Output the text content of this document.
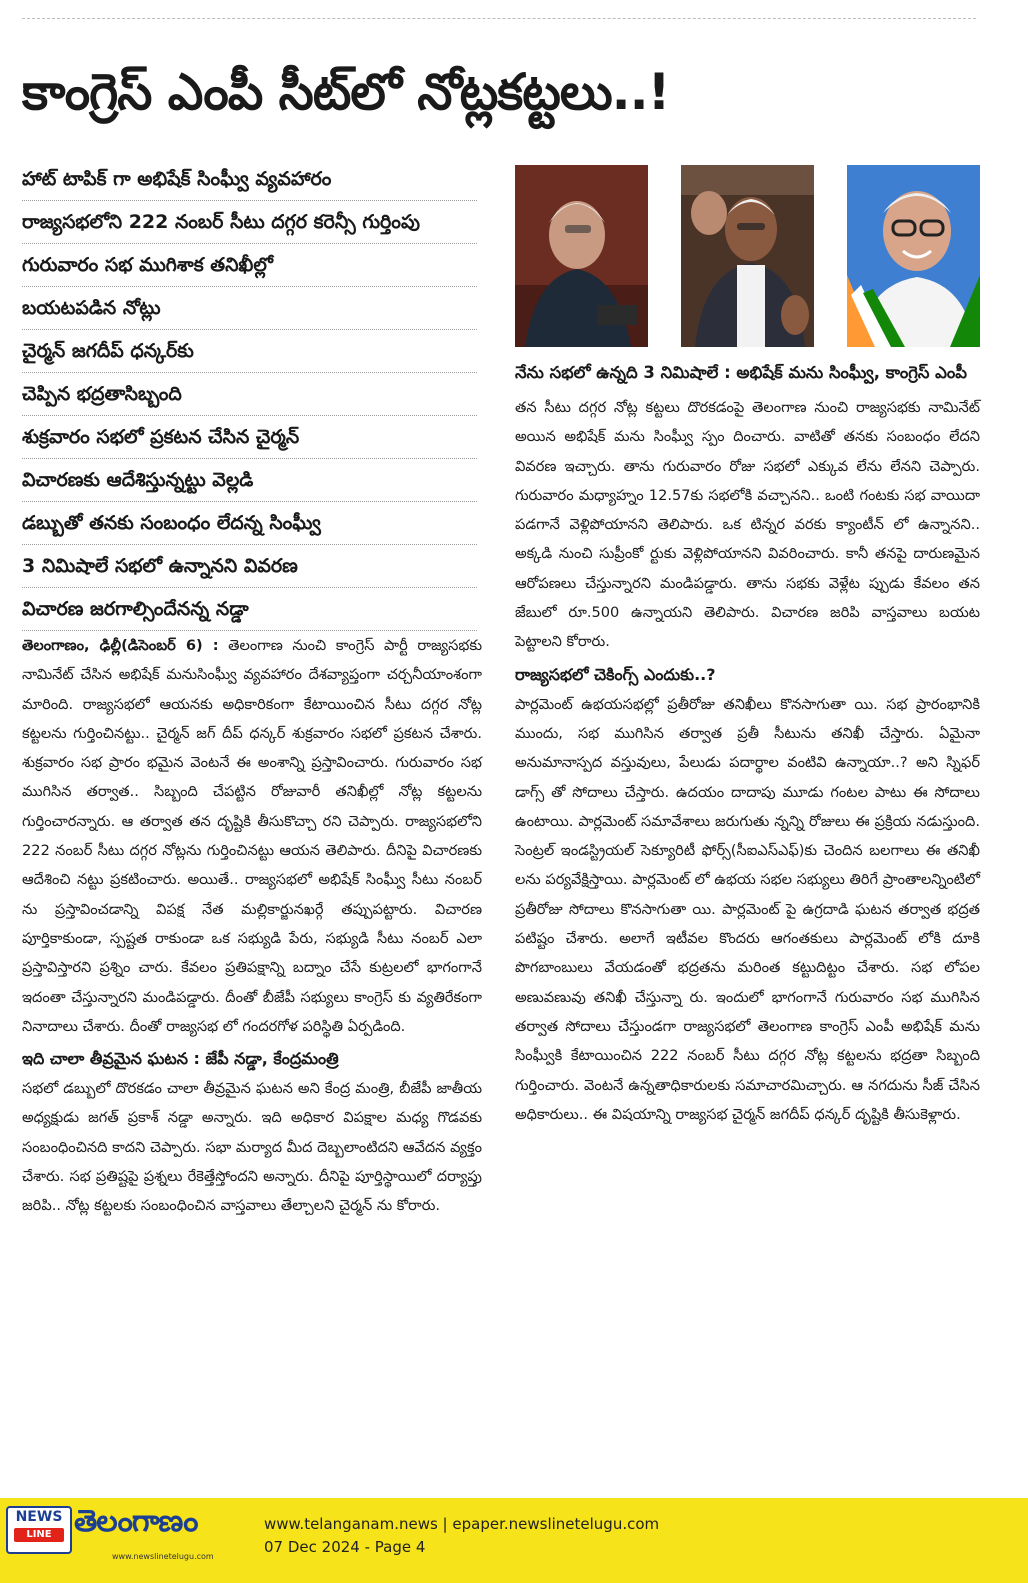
కాంగ్రెస్ ఎంపీ సీట్‌లో నోట్లకట్టలు..!
హాట్ టాపిక్ గా అభిషేక్ సింఘ్వీ వ్యవహారం
రాజ్యసభలోని 222 నంబర్ సీటు దగ్గర కరెన్సీ గుర్తింపు
గురువారం సభ ముగిశాక తనిఖీల్లో
బయటపడిన నోట్లు
చైర్మన్ జగదీప్ ధన్కర్‌కు
చెప్పిన భద్రతాసిబ్బంది
శుక్రవారం సభలో ప్రకటన చేసిన చైర్మన్
విచారణకు ఆదేశిస్తున్నట్టు వెల్లడి
డబ్బుతో తనకు సంబంధం లేదన్న సింఘ్వీ
3 నిమిషాలే సభలో ఉన్నానని వివరణ
విచారణ జరగాల్సిందేనన్న నడ్డా

తెలంగాణం, ఢిల్లీ(డిసెంబర్ 6) : తెలంగాణ నుంచి కాంగ్రెస్ పార్టీ రాజ్యసభకు నామినేట్ చేసిన అభిషేక్ మనుసింఘ్వీ వ్యవహారం దేశవ్యాప్తంగా చర్చనీయాంశంగా మారింది. రాజ్యసభలో ఆయనకు అధికారికంగా కేటాయించిన సీటు దగ్గర నోట్ల కట్టలను గుర్తించినట్టు.. చైర్మన్ జగ్ దీప్ ధన్కర్ శుక్రవారం సభలో ప్రకటన చేశారు. శుక్రవారం సభ ప్రారం భమైన వెంటనే ఈ అంశాన్ని ప్రస్తావించారు. గురువారం సభ ముగిసిన తర్వాత.. సిబ్బంది చేపట్టిన రోజువారీ తనిఖీల్లో నోట్ల కట్టలను గుర్తించారన్నారు. ఆ తర్వాత తన దృష్టికి తీసుకొచ్చా రని చెప్పారు. రాజ్యసభలోని 222 నంబర్ సీటు దగ్గర నోట్లను గుర్తించినట్టు ఆయన తెలిపారు. దీనిపై విచారణకు ఆదేశించి నట్టు ప్రకటించారు. అయితే.. రాజ్యసభలో అభిషేక్ సింఘ్వీ సీటు నంబర్ ను ప్రస్తావించడాన్ని విపక్ష నేత మల్లికార్జునఖర్గే తప్పుపట్టారు. విచారణ పూర్తికాకుండా, స్పష్టత రాకుండా ఒక సభ్యుడి పేరు, సభ్యుడి సీటు నంబర్ ఎలా ప్రస్తావిస్తారని ప్రశ్నిం చారు. కేవలం ప్రతిపక్షాన్ని బద్నాం చేసే కుట్రలలో భాగంగానే ఇదంతా చేస్తున్నారని మండిపడ్డారు. దీంతో బీజేపీ సభ్యులు కాంగ్రెస్ కు వ్యతిరేకంగా నినాదాలు చేశారు. దీంతో రాజ్యసభ లో గందరగోళ పరిస్థితి ఏర్పడింది.

ఇది చాలా తీవ్రమైన ఘటన : జేపీ నడ్డా, కేంద్రమంత్రి

సభలో డబ్బులో దొరకడం చాలా తీవ్రమైన ఘటన అని కేంద్ర మంత్రి, బీజేపీ జాతీయ అధ్యక్షుడు జగత్ ప్రకాశ్ నడ్డా అన్నారు. ఇది అధికార విపక్షాల మధ్య గొడవకు సంబంధించినది కాదని చెప్పారు. సభా మర్యాద మీద దెబ్బలాంటిదని ఆవేదన వ్యక్తం చేశారు. సభ ప్రతిష్టపై ప్రశ్నలు రేకెత్తేస్తోందని అన్నారు. దీనిపై పూర్తిస్థాయిలో దర్యాప్తు జరిపి.. నోట్ల కట్టలకు సంబంధించిన వాస్తవాలు తేల్చాలని చైర్మన్ ను కోరారు.

నేను సభలో ఉన్నది 3 నిమిషాలే : అభిషేక్ మను సింఘ్వీ, కాంగ్రెస్ ఎంపీ

తన సీటు దగ్గర నోట్ల కట్టలు దొరకడంపై తెలంగాణ నుంచి రాజ్యసభకు నామినేట్ అయిన అభిషేక్ మను సింఘ్వీ స్పం దించారు. వాటితో తనకు సంబంధం లేదని వివరణ ఇచ్చారు. తాను గురువారం రోజు సభలో ఎక్కువ లేను లేనని చెప్పారు. గురువారం మధ్యాహ్నం 12.57కు సభలోకి వచ్చానని.. ఒంటి గంటకు సభ వాయిదా పడగానే వెళ్లిపోయానని తెలిపారు. ఒక టిన్నర వరకు క్యాంటీన్ లో ఉన్నానని.. అక్కడి నుంచి సుప్రీంకో ర్టుకు వెళ్లిపోయానని వివరించారు. కానీ తనపై దారుణమైన ఆరోపణలు చేస్తున్నారని మండిపడ్డారు. తాను సభకు వెళ్లేట ప్పుడు కేవలం తన జేబులో రూ.500 ఉన్నాయని తెలిపారు. విచారణ జరిపి వాస్తవాలు బయట పెట్టాలని కోరారు.

రాజ్యసభలో చెకింగ్స్ ఎందుకు..?

పార్లమెంట్ ఉభయసభల్లో ప్రతీరోజు తనిఖీలు కొనసాగుతా యి. సభ ప్రారంభానికి ముందు, సభ ముగిసిన తర్వాత ప్రతీ సీటును తనిఖీ చేస్తారు. ఏమైనా అనుమానాస్పద వస్తువులు, పేలుడు పదార్థాల వంటివి ఉన్నాయా..? అని స్నిఫర్ డాగ్స్ తో సోదాలు చేస్తారు. ఉదయం దాదాపు మూడు గంటల పాటు ఈ సోదాలు ఉంటాయి. పార్లమెంట్ సమావేశాలు జరుగుతు న్నన్ని రోజులు ఈ ప్రక్రియ నడుస్తుంది. సెంట్రల్ ఇండస్ట్రియల్ సెక్యూరిటీ ఫోర్స్(సీఐఎస్ఎఫ్)కు చెందిన బలగాలు ఈ తనిఖీ లను పర్యవేక్షిస్తాయి. పార్లమెంట్ లో ఉభయ సభల సభ్యులు తిరిగే ప్రాంతాలన్నింటిలో ప్రతీరోజు సోదాలు కొనసాగుతా యి. పార్లమెంట్ పై ఉగ్రదాడి ఘటన తర్వాత భద్రత పటిష్టం చేశారు. అలాగే ఇటీవల కొందరు ఆగంతకులు పార్లమెంట్ లోకి దూకి పొగబాంబులు వేయడంతో భద్రతను మరింత కట్టుదిట్టం చేశారు. సభ లోపల అణువణువు తనిఖీ చేస్తున్నా రు. ఇందులో భాగంగానే గురువారం సభ ముగిసిన తర్వాత సోదాలు చేస్తుండగా రాజ్యసభలో తెలంగాణ కాంగ్రెస్ ఎంపీ అభిషేక్ మను సింఘ్వీకి కేటాయించిన 222 నంబర్ సీటు దగ్గర నోట్ల కట్టలను భద్రతా సిబ్బంది గుర్తించారు. వెంటనే ఉన్నతాధికారులకు సమాచారమిచ్చారు. ఆ నగదును సీజ్ చేసిన అధికారులు.. ఈ విషయాన్ని రాజ్యసభ చైర్మన్ జగదీప్ ధన్కర్ దృష్టికి తీసుకెళ్లారు.

NEWS
LINE తెలంగాణం
www.newslinetelugu.com
www.telanganam.news | epaper.newslinetelugu.com
07 Dec 2024 - Page 4
